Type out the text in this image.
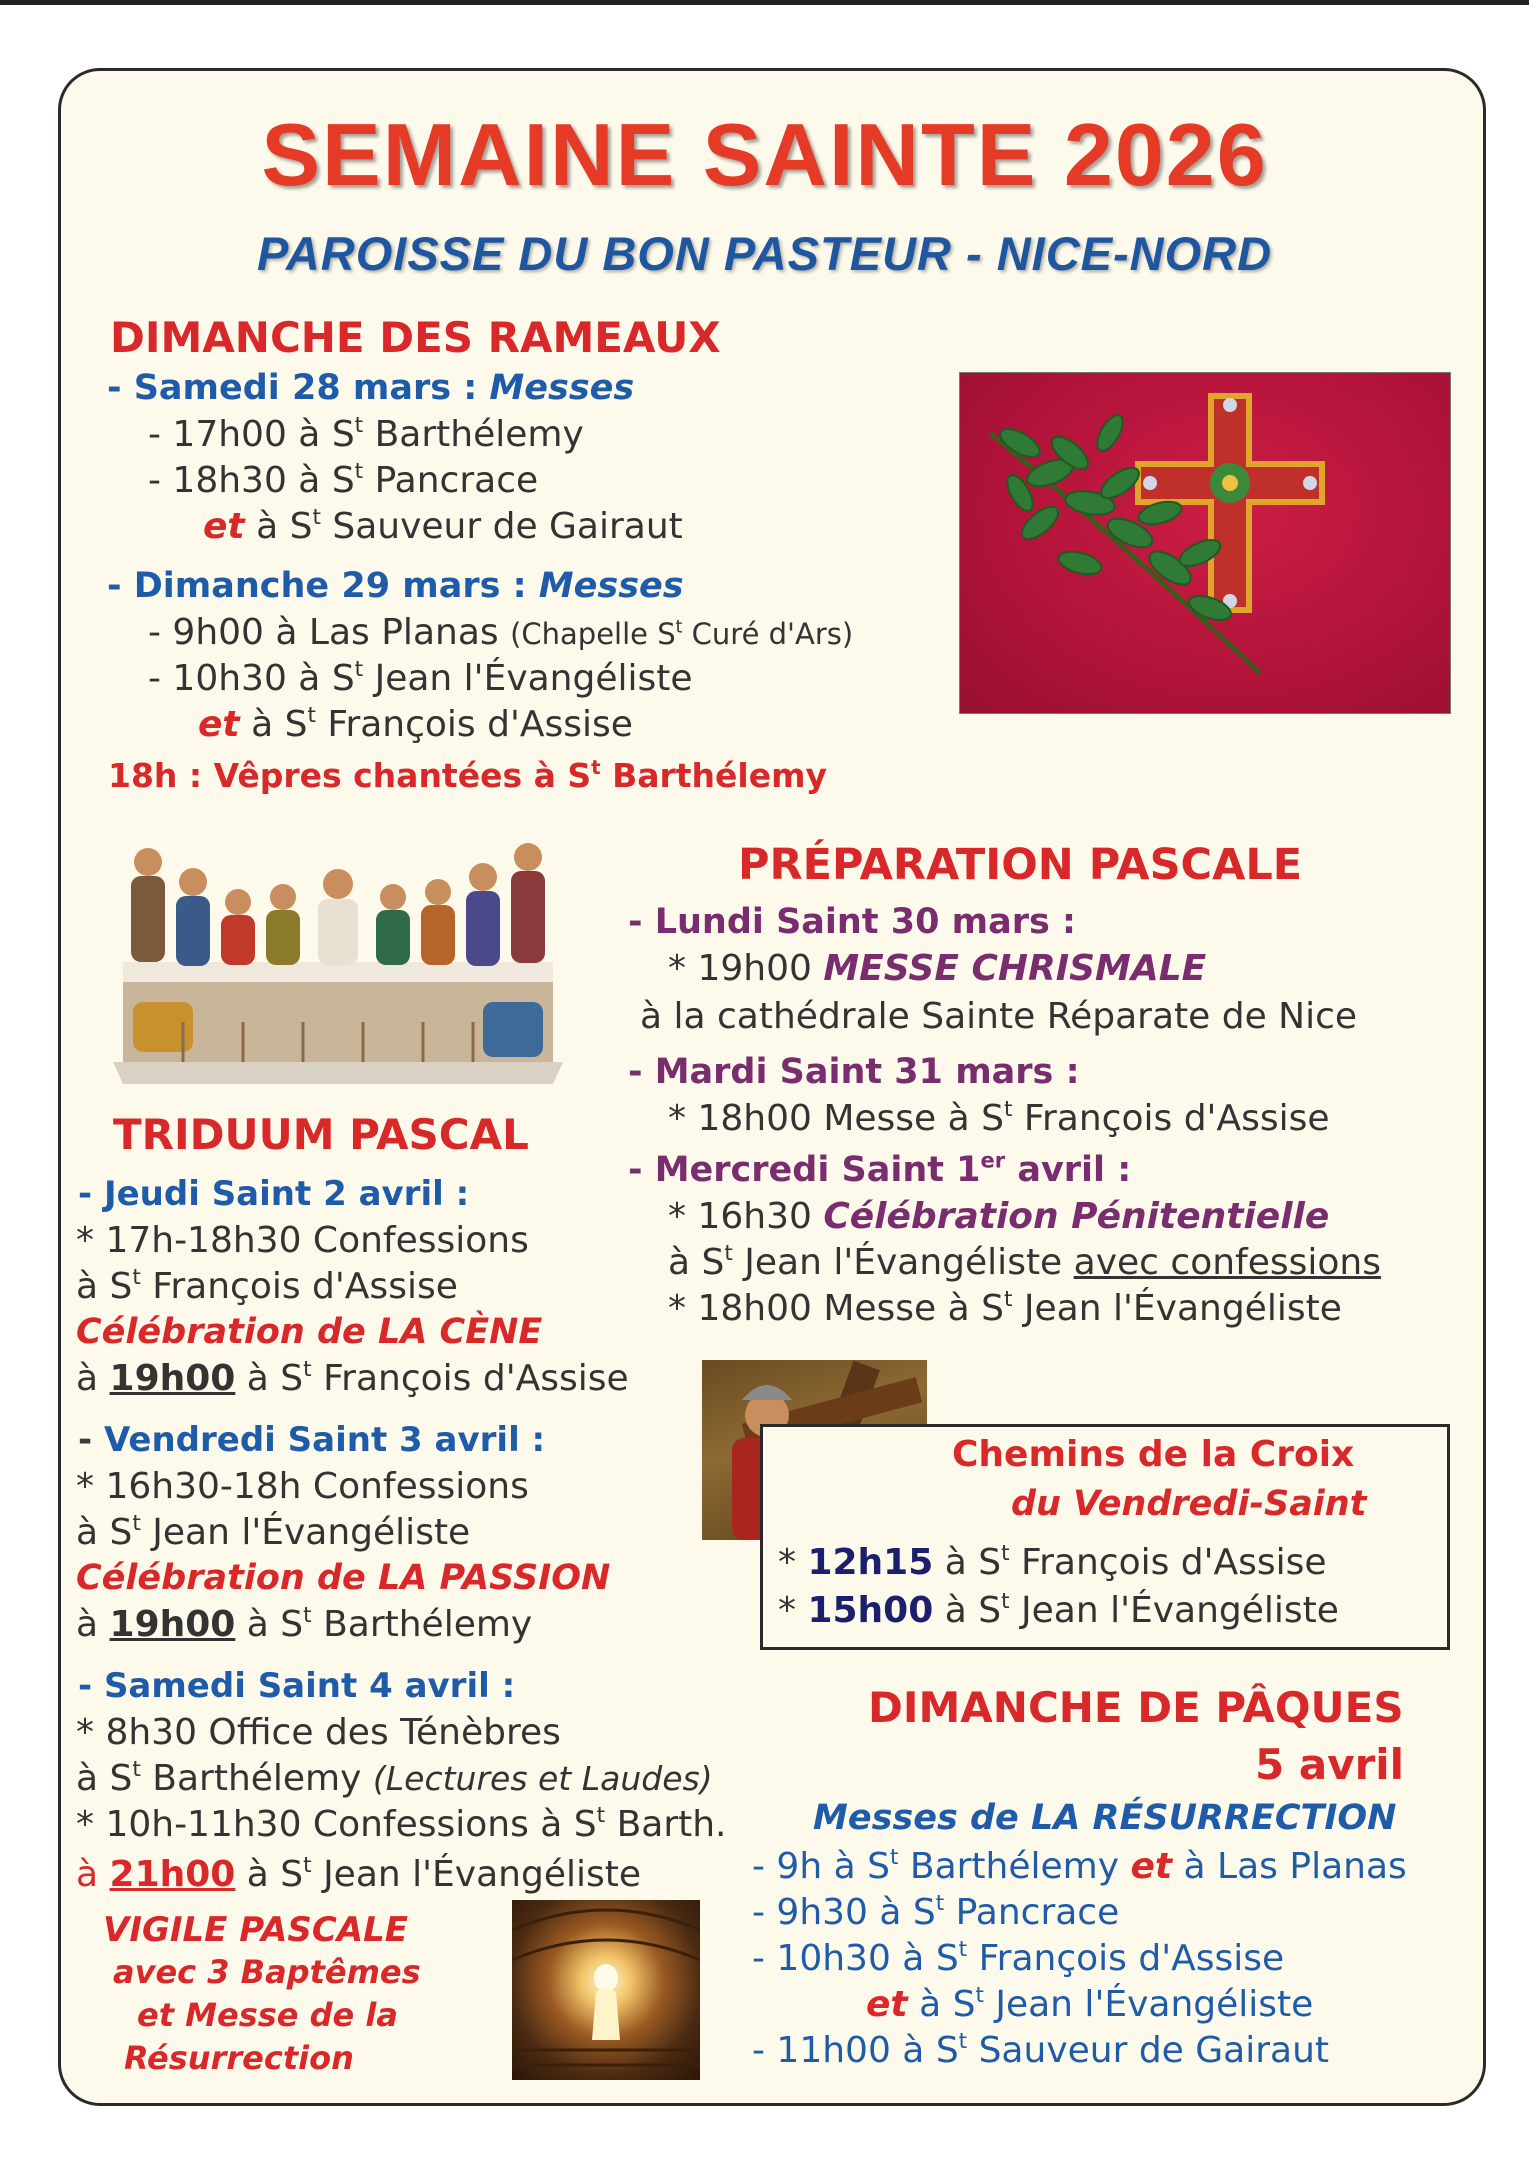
SEMAINE SAINTE 2026
PAROISSE DU BON PASTEUR - NICE-NORD
DIMANCHE DES RAMEAUX
- Samedi 28 mars : Messes
- 17h00 à $S^t$ Barthélemy
- 18h30 à $S^t$ Pancrace
et à $S^t$ Sauveur de Gairaut
- Dimanche 29 mars : Messes
- 9h00 à Las Planas (Chapelle $S^t$ Curé d'Ars)
- 10h30 à $S^t$ Jean l'Évangéliste
et à $S^t$ François d'Assise
18h : Vêpres chantées à $S^t$ Barthélemy
PRÉPARATION PASCALE
- Lundi Saint 30 mars :
* 19h00 MESSE CHRISMALE
à la cathédrale Sainte Réparate de Nice
- Mardi Saint 31 mars :
* 18h00 Messe à $S^t$ François d'Assise
- Mercredi Saint 1er avril :
* 16h30 Célébration Pénitentielle
à $S^t$ Jean l'Évangéliste avec confessions
* 18h00 Messe à $S^t$ Jean l'Évangéliste
TRIDUUM PASCAL
- Jeudi Saint 2 avril :
* 17h-18h30 Confessions
à $S^t$ François d'Assise
Célébration de LA CÈNE
à 19h00 à $S^t$ François d'Assise
- Vendredi Saint 3 avril :
* 16h30-18h Confessions
à $S^t$ Jean l'Évangéliste
Célébration de LA PASSION
à 19h00 à $S^t$ Barthélemy
- Samedi Saint 4 avril :
* 8h30 Office des Ténèbres
à $S^t$ Barthélemy (Lectures et Laudes)
* 10h-11h30 Confessions à $S^t$ Barth.
à 21h00 à $S^t$ Jean l'Évangéliste
VIGILE PASCALE
avec 3 Baptêmes
et Messe de la
Résurrection
Chemins de la Croix
du Vendredi-Saint
* 12h15 à $S^t$ François d'Assise
* 15h00 à $S^t$ Jean l'Évangéliste
DIMANCHE DE PÂQUES
5 avril
Messes de LA RÉSURRECTION
- 9h à $S^t$ Barthélemy et à Las Planas
- 9h30 à $S^t$ Pancrace
- 10h30 à $S^t$ François d'Assise
et à $S^t$ Jean l'Évangéliste
- 11h00 à $S^t$ Sauveur de Gairaut
